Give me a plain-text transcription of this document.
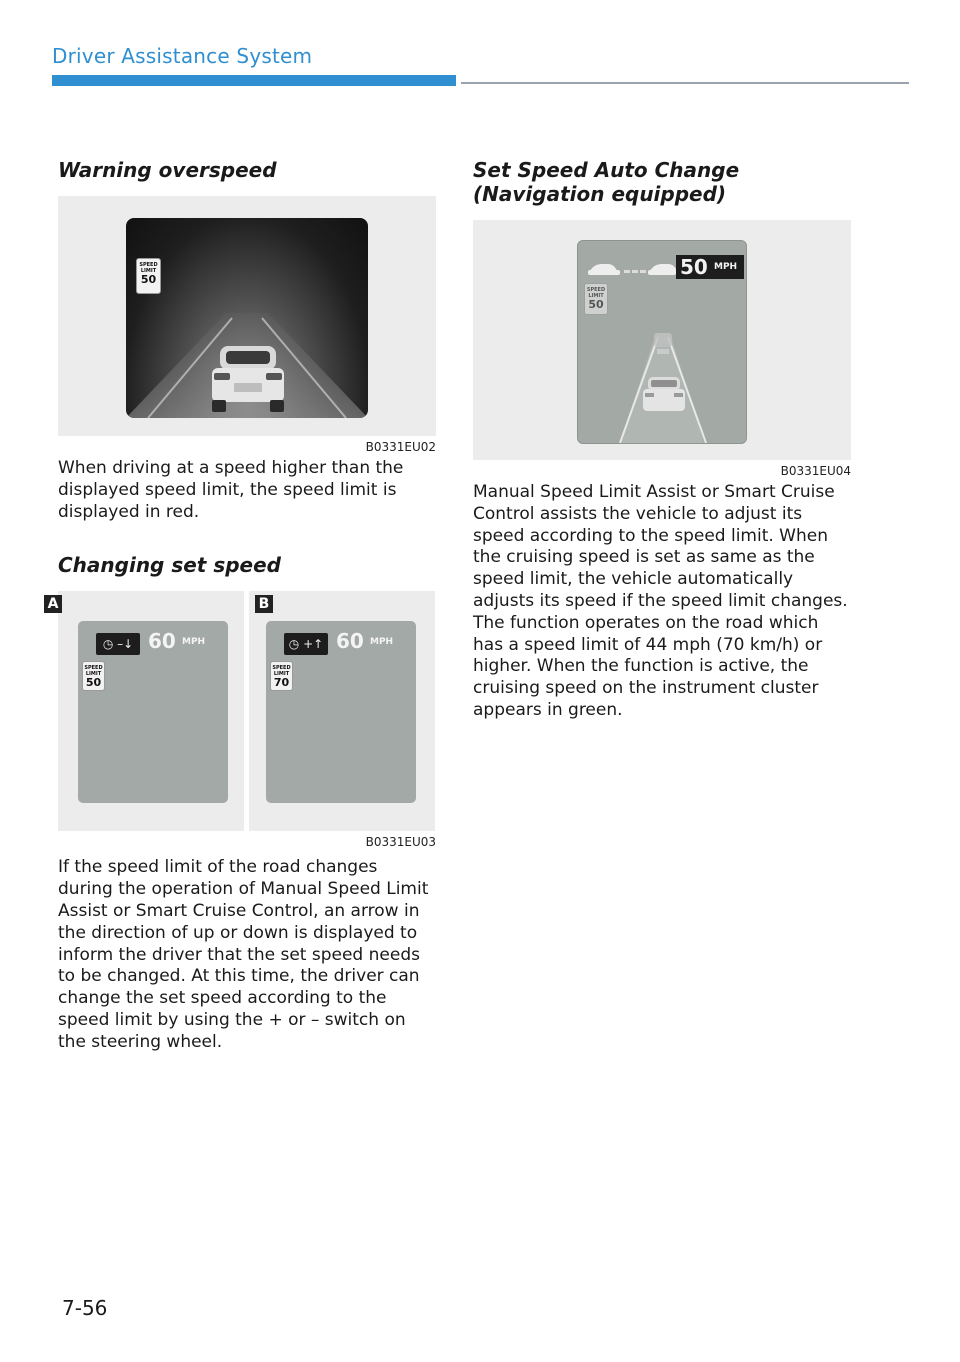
Driver Assistance System
Warning overspeed
SPEED LIMIT
50
B0331EU02

When driving at a speed higher than the displayed speed limit, the speed limit is displayed in red.

Changing set speed
A
◷ –↓ 60 MPH
SPEED LIMIT
50
B
◷ +↑ 60 MPH
SPEED LIMIT
70
B0331EU03

If the speed limit of the road changes during the operation of Manual Speed Limit Assist or Smart Cruise Control, an arrow in the direction of up or down is displayed to inform the driver that the set speed needs to be changed. At this time, the driver can change the set speed according to the speed limit by using the + or – switch on the steering wheel.

Set Speed Auto Change (Navigation equipped)
50 MPH
SPEED LIMIT
50
B0331EU04

Manual Speed Limit Assist or Smart Cruise Control assists the vehicle to adjust its speed according to the speed limit. When the cruising speed is set as same as the speed limit, the vehicle automatically adjusts its speed if the speed limit changes. The function operates on the road which has a speed limit of 44 mph (70 km/h) or higher. When the function is active, the cruising speed on the instrument cluster appears in green.

7-56
